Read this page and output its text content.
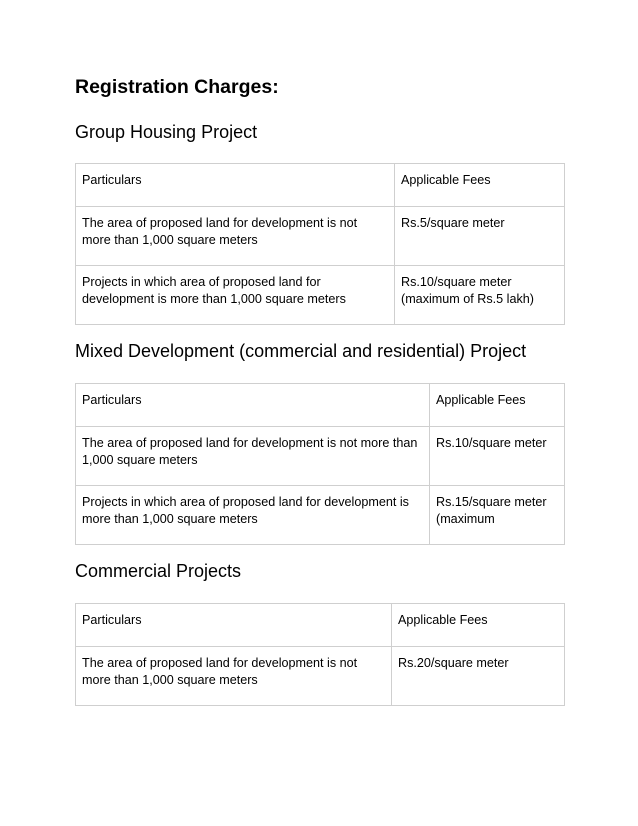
Registration Charges:
Group Housing Project
Particulars	Applicable Fees
The area of proposed land for development is not more than 1,000 square meters	Rs.5/square meter
Projects in which area of proposed land for development is more than 1,000 square meters	Rs.10/square meter (maximum of Rs.5 lakh)
Mixed Development (commercial and residential) Project
Particulars	Applicable Fees
The area of proposed land for development is not more than 1,000 square meters	Rs.10/square meter
Projects in which area of proposed land for development is more than 1,000 square meters	Rs.15/square meter (maximum
Commercial Projects
Particulars	Applicable Fees
The area of proposed land for development is not more than 1,000 square meters	Rs.20/square meter
